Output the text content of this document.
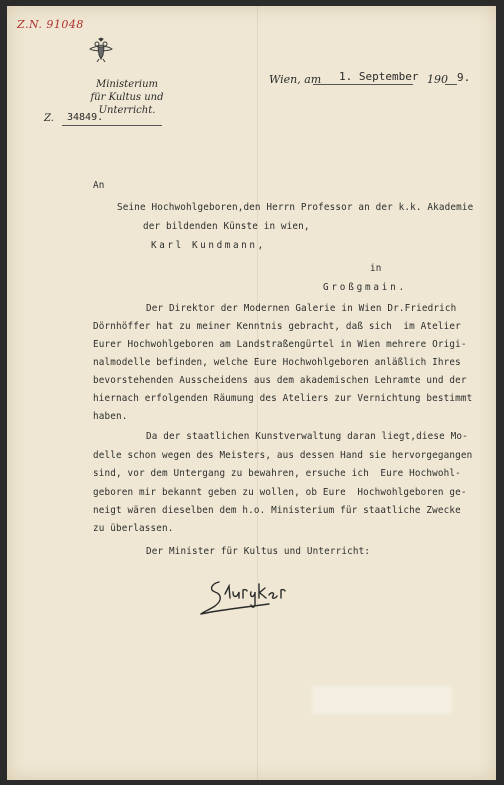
Z.N. 91048
Ministerium
für Kultus und Unterricht.
Z. 34849.
Wien, am 1. September 190 9.
An
Seine Hochwohlgeboren,den Herrn Professor an der k.k. Akademie
der bildenden Künste in wien,
Karl Kundmann,
in
Großgmain.
Der Direktor der Modernen Galerie in Wien Dr.Friedrich
Dörnhöffer hat zu meiner Kenntnis gebracht, daß sich  im Atelier
Eurer Hochwohlgeboren am Landstraßengürtel in Wien mehrere Origi-
nalmodelle befinden, welche Eure Hochwohlgeboren anläßlich Ihres
bevorstehenden Ausscheidens aus dem akademischen Lehramte und der
hiernach erfolgenden Räumung des Ateliers zur Vernichtung bestimmt
haben.
Da der staatlichen Kunstverwaltung daran liegt,diese Mo-
delle schon wegen des Meisters, aus dessen Hand sie hervorgegangen
sind, vor dem Untergang zu bewahren, ersuche ich  Eure Hochwohl-
geboren mir bekannt geben zu wollen, ob Eure  Hochwohlgeboren ge-
neigt wären dieselben dem h.o. Ministerium für staatliche Zwecke
zu überlassen.
Der Minister für Kultus und Unterricht:
